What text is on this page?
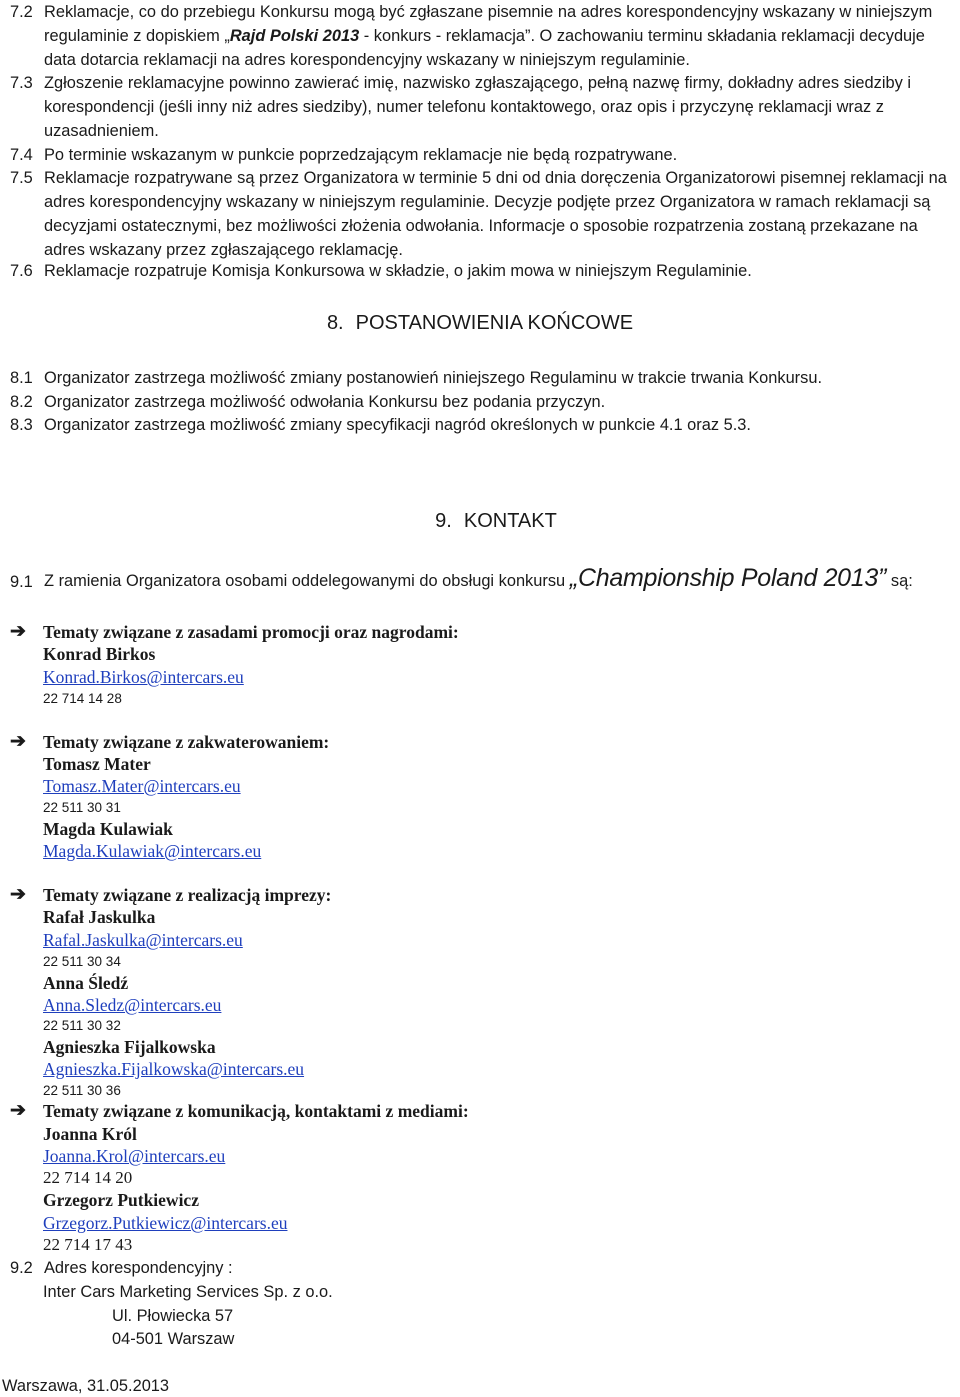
7.2 Reklamacje, co do przebiegu Konkursu mogą być zgłaszane pisemnie na adres korespondencyjny wskazany w niniejszym regulaminie z dopiskiem „Rajd Polski 2013 - konkurs - reklamacja”. O zachowaniu terminu składania reklamacji decyduje data dotarcia reklamacji na adres korespondencyjny wskazany w niniejszym regulaminie.
7.3 Zgłoszenie reklamacyjne powinno zawierać imię, nazwisko zgłaszającego, pełną nazwę firmy, dokładny adres siedziby i korespondencji (jeśli inny niż adres siedziby), numer telefonu kontaktowego, oraz opis i przyczynę reklamacji wraz z uzasadnieniem.
7.4 Po terminie wskazanym w punkcie poprzedzającym reklamacje nie będą rozpatrywane.
7.5 Reklamacje rozpatrywane są przez Organizatora w terminie 5 dni od dnia doręczenia Organizatorowi pisemnej reklamacji na adres korespondencyjny wskazany w niniejszym regulaminie. Decyzje podjęte przez Organizatora w ramach reklamacji są decyzjami ostatecznymi, bez możliwości złożenia odwołania. Informacje o sposobie rozpatrzenia zostaną przekazane na adres wskazany przez zgłaszającego reklamację.
7.6 Reklamacje rozpatruje Komisja Konkursowa w składzie, o jakim mowa w niniejszym Regulaminie.
8. POSTANOWIENIA KOŃCOWE
8.1 Organizator zastrzega możliwość zmiany postanowień niniejszego Regulaminu w trakcie trwania Konkursu.
8.2 Organizator zastrzega możliwość odwołania Konkursu bez podania przyczyn.
8.3 Organizator zastrzega możliwość zmiany specyfikacji nagród określonych w punkcie 4.1 oraz 5.3.
9. KONTAKT
9.1 Z ramienia Organizatora osobami oddelegowanymi do obsługi konkursu „Championship Poland 2013” są:
➔ Tematy związane z zasadami promocji oraz nagrodami:
Konrad Birkos
Konrad.Birkos@intercars.eu
22 714 14 28
➔ Tematy związane z zakwaterowaniem:
Tomasz Mater
Tomasz.Mater@intercars.eu
22 511 30 31
Magda Kulawiak
Magda.Kulawiak@intercars.eu
➔ Tematy związane z realizacją imprezy:
Rafał Jaskulka
Rafal.Jaskulka@intercars.eu
22 511 30 34
Anna Śledź
Anna.Sledz@intercars.eu
22 511 30 32
Agnieszka Fijalkowska
Agnieszka.Fijalkowska@intercars.eu
22 511 30 36
➔ Tematy związane z komunikacją, kontaktami z mediami:
Joanna Król
Joanna.Krol@intercars.eu
22 714 14 20
Grzegorz Putkiewicz
Grzegorz.Putkiewicz@intercars.eu
22 714 17 43
9.2 Adres korespondencyjny :
Inter Cars Marketing Services Sp. z o.o.
Ul. Płowiecka 57
04-501 Warszaw
Warszawa, 31.05.2013
